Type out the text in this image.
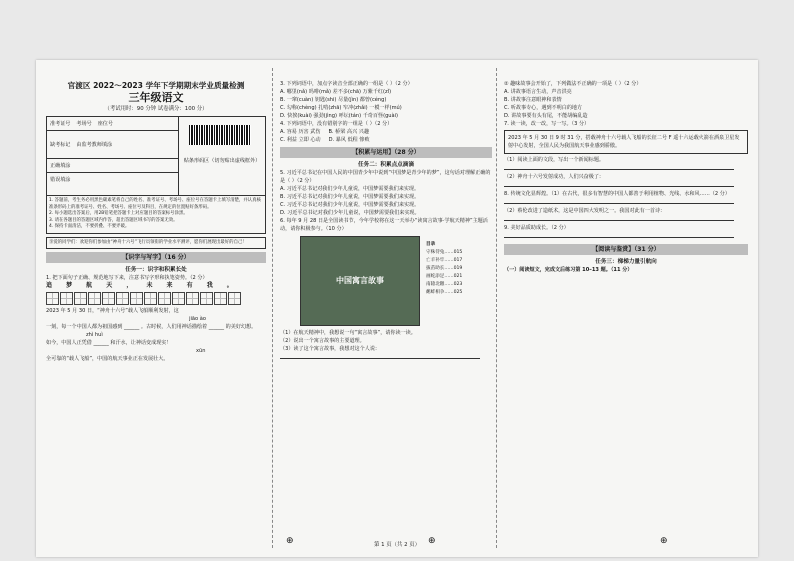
官渡区 2022～2023 学年下学期期末学业质量检测
三年级语文
（考试用时：90 分钟 试卷满分：100 分）
准考证号	考场号	座位号
缺考标记	由监考教师填涂
正确填涂
错误填涂
贴条形码区（切勿贴出虚线框外）
1. 答题前，考生务必用黑色碳素笔将自己的姓名、准考证号、考场号、座位号在答题卡上填写清楚，并认真核准条形码上的准考证号、姓名、考场号、座位号及科目，在规定的位置贴好条形码。
2. 每小题选出答案后，用2B铅笔把答题卡上对应题目的答案标号涂黑。
3. 请在各题目的答题区域内作答，超出答题区域书写的答案无效。
4. 保持卡面清洁，不要折叠、不要弄破。
亲爱的同学们：欢迎你们参加由“神舟十六号”飞行员领衔的学业水平测评，愿你们展现出最好的自己！
【识字与写字】（16 分）
任务一：识字和积累长处
1. 把下面句子正确、规范地写下来，注意书写字形和执笔姿势。（2 分）
追 梦 航 天 ， 未 来 有 我 。
2023 年 5 月 30 日，“神舟十六号”载人飞船顺利发射，这
jiāo ào
一刻，每一个中国人都为祖国感到 ______ 。古时候，人们用神话描绘着 ______ 的美好幻想。
zhì huì
如今，中国人正凭借 ______ 和汗水，让神话变成现实！
xūn
全可靠的“载人飞船”，中国的航天事业正在发展壮大。
3. 下列词语中，加点字读音全部正确的一组是（ ）（2 分）
A. 哪里(nǎ) 吗啡(mǎ) 差不多(chā) 万紫千红(zǐ)
B. 一窜(cuàn) 钥匙(shi) 尽量(jìn) 都曾(céng)
C. 勾称(chèng) 扎啃(zhā) 窄冲(zhǎi) 一模一样(mú)
D. 快挨(kuài) 强劲(jìng) 呼坛(tán) 千奇百怪(guài)
4. 下列词语中，没有错别字的一组是（ ）（2 分）
A. 容易 历害 武伤 B. 桥梁 高兴 兴趣
C. 利益 立即 心动 D. 暴风 低程 惨败
【积累与运用】（28 分）
任务二：积累点点滴滴
5. 习近平总书记在中国人民的中国青少年中说到“中国梦是青少年的梦”，这句话对理解正确的是（ ）（2 分）
A. 习近平总书记对我们少年儿童说，中国梦需要我们来实现。
B. 习近平总书记对我们少年儿童说，中国梦需要我们来实现。
C. 习近平总书记对我们少年儿童说，中国梦需要我们来实现。
D. 习近平总书记对我们少年儿童说，中国梦需要我们来实现。
6. 每年 9 月 28 日是全国读书节，今年学校将在这一天举办“读寓言故事·学航天精神”主题活动，请你积极参与。（10 分）
中国寓言故事
目录
守株待兔……015
亡羊补牢……017
拔苗助长……019
画蛇添足……021
南辕北辙……023
鹬蚌相争……025
（1）在航天精神中，我想说一句“寓言故事”，请你读一读。
（2）说出一个寓言故事的主要道理。
（3）读了这个寓言故事，我想对这个人说：
② 趣味故事会开始了，下列做法不正确的一项是（ ）（2 分）
A. 讲故事语言生动，声音洪亮
B. 讲故事注意眼神和表情
C. 听故事专心，遇到不明白的地方
D. 讲故事要有头有尾，不能胡编乱造
7. 读一读，改一改，写一写。（3 分）
2023 年 5 月 30 日 9 时 31 分，搭载神舟十六号载人飞船的长征二号 F 遥十六运载火箭在酒泉卫星发射中心发射，全国人民为我国航天事业感到骄傲。
（1）阅读上面的文段，写出一个新闻标题。
（2）神舟十六号发射成功，人们兴奋极了：
8. 传统文化显辉煌。（1）在古代，很多有智慧的中国人都善于利用植物、光线、水和风……（2 分）
（2）蔡伦改进了造纸术，这是中国四大发明之一。我国对此有一首诗：
9. 美好品质助成长。（2 分）
【阅读与鉴赏】（31 分）
任务三：梯梯力量引航向
（一）阅读短文，完成文后练习第 10–13 题。（11 分）
⊕	⊕	⊕
第 1 页（共 2 页）
